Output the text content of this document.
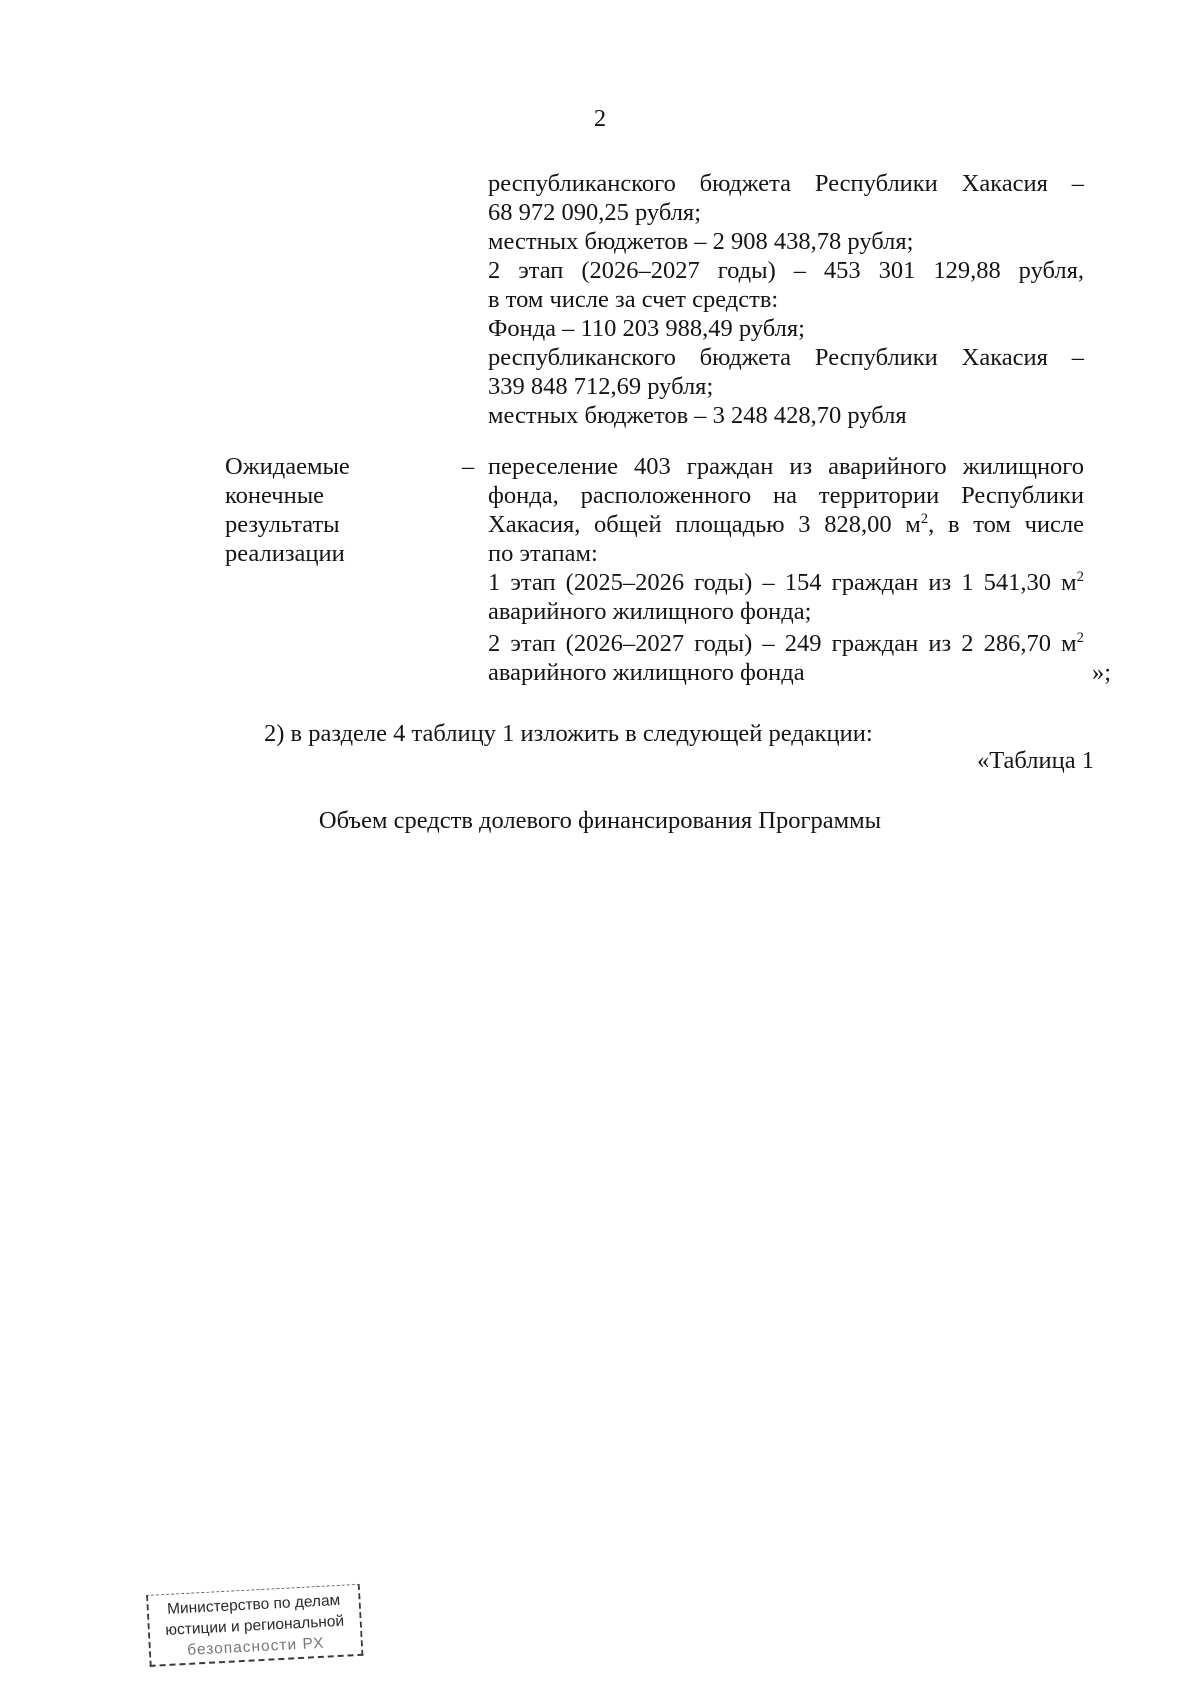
2
республиканского бюджета Республики Хакасия –
68 972 090,25 рубля;
местных бюджетов – 2 908 438,78 рубля;
2 этап (2026–2027 годы) – 453 301 129,88 рубля,
в том числе за счет средств:
Фонда – 110 203 988,49 рубля;
республиканского бюджета Республики Хакасия –
339 848 712,69 рубля;
местных бюджетов – 3 248 428,70 рубля
Ожидаемые
конечные
результаты
реализации
– переселение 403 граждан из аварийного жилищного
фонда, расположенного на территории Республики
Хакасия, общей площадью 3 828,00 $м^2$, в том числе
по этапам:
1 этап (2025–2026 годы) – 154 граждан из 1 541,30 $м^2$
аварийного жилищного фонда;
2 этап (2026–2027 годы) – 249 граждан из 2 286,70 $м^2$
аварийного жилищного фонда	»;
2) в разделе 4 таблицу 1 изложить в следующей редакции:
«Таблица 1
Объем средств долевого финансирования Программы
Министерство по делам
юстиции и региональной
безопасности РХ
